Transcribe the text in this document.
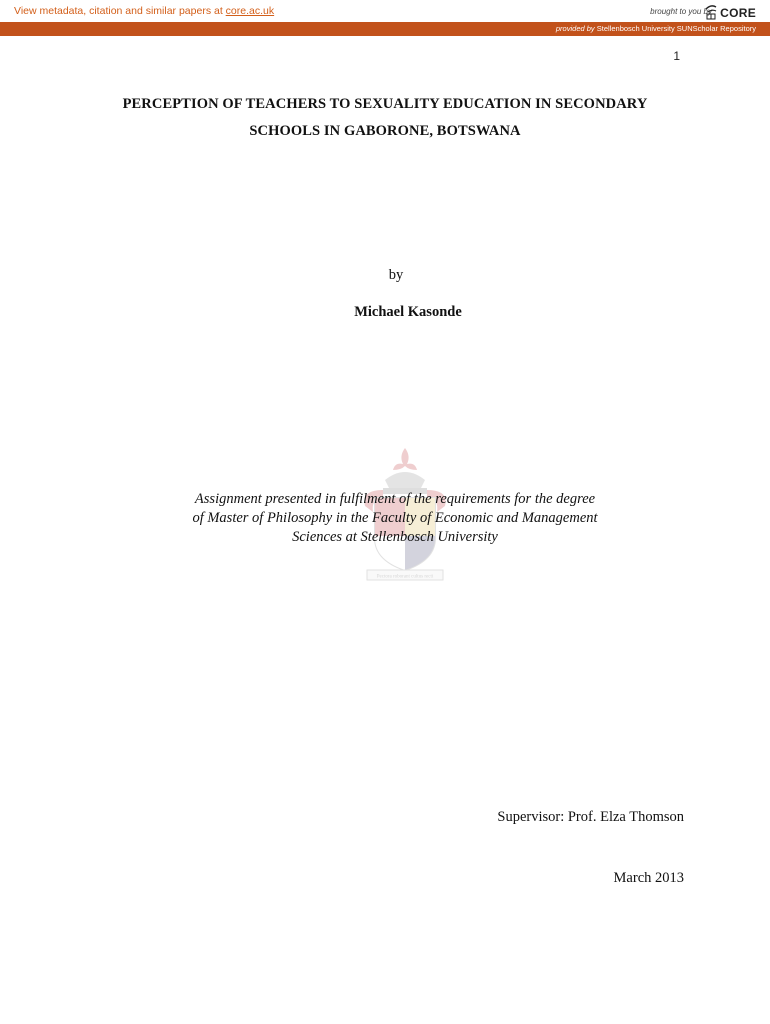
View metadata, citation and similar papers at core.ac.uk	brought to you by CORE
provided by Stellenbosch University SUNScholar Repository
1
PERCEPTION OF TEACHERS TO SEXUALITY EDUCATION IN SECONDARY
SCHOOLS IN GABORONE, BOTSWANA
by
Michael Kasonde
Pectora roborant cultus recti
Assignment presented in fulfilment of the requirements for the degree
of Master of Philosophy in the Faculty of Economic and Management
Sciences at Stellenbosch University
Supervisor: Prof. Elza Thomson
March 2013
